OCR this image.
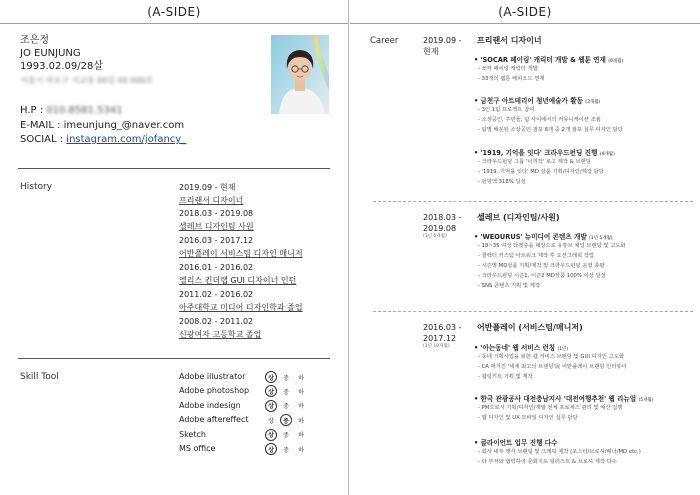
(A-SIDE)
조은정
JO EUNJUNG
1993.02.09/28살
서울시 마포구 서교동 00길 00 000호
H.P : 010.8581.5341
E-MAIL : imeunjung_@naver.com
SOCIAL : instagram.com/jofancy_
History	2019.09 - 현재
프리랜서 디자이너
2018.03 - 2019.08
셀레브 디자인팀 사원
2016.03 - 2017.12
어반플레이 서비스팀 디자인 매니저
2016.01 - 2016.02
엘리스 킨더랩 GUI 디자이너 인턴
2011.02 - 2016.02
아주대학교 미디어 디자인학과 졸업
2008.02 - 2011.02
신광여자 고등학교 졸업
Skill Tool	Adobe illustrator	상	중	하
Adobe photoshop	상	중	하
Adobe indesign	상	중	하
Adobe aftereffect	상	중	하
Sketch	상	중	하
MS office	상	중	하
(A-SIDE)
Career	2019.09 -
현재
프리랜서 디자이너
• 'SOCAR 페이링' 캐릭터 개발 & 웹툰 연재 (6개월)
- 쏘카 페이링 캐릭터 개발
- 33개의 웹툰 에피소드 연재
• 금천구 아트테리어 청년예술가 활동 (3개월)
- 3인 1팀 프로젝트 참여
- 소상공인, 주민들, 팀 사이에서의 커뮤니케이션 조율
- 팀별 배분된 소상공인 점포 8개 중 2개 점포 실무 디자인 담당
• '1919, 기억을 잇다' 크라우드펀딩 진행 (4개월)
- 크라우드펀딩 그룹 '이끼작' 로고 제작 & 브랜딩
- '1919, 기억을 잇다' MD 상품 기획/디자인/제작 담당
- 펀딩액 318% 달성
2018.03 -
2019.08
(1년 6개월)
셀레브 (디자인팀/사원)
• 'WEOURUS' 뉴미디어 콘텐츠 개발 (1년 5개월)
- 18~35 여성 타겟층을 대상으로 유튜브 채널 브랜딩 및 고도화
- 콜렉터 커스텀 아트워크 제작 후 오션그래픽 작업
- 시즌별 MD상품 기획/제작 및 크라우드펀딩 운영 총괄
- 크라우드펀딩 시즌1, 시즌2 MD상품 100% 이상 달성
- SNS 콘텐츠 기획 및 제작
2016.03 -
2017.12
(1년 10개월)
어반플레이 (서비스팀/매니저)
• '아는동네' 웹 서비스 런칭 (1년)
- 동네 기획사업을 위한 웹 서비스 브랜딩 및 GUI 디자인 고도화
- CA 매거진 '세계 최고의 브랜딩'展 어반플레이 브랜딩 인터뷰이
- 웹링키트 기획 및 제작
• 한국 관광공사 대전충남지사 '대전여행추천' 웹 리뉴얼 (5개월)
- PM으로서 기획/디자인/개발 전체 프로세스 관리 및 예산 집행
- 웹 디자인 및 UX 모바일 디자인 실무 담당
• 클라이언트 업무 진행 다수
- 회사 내부 행사 브랜딩 및 그래픽 제작 (포스터/브로셔/배너/MD etc.)
- 타 부서와 협력하여 문화지도 일러스트 & 브로셔 제작 다수
